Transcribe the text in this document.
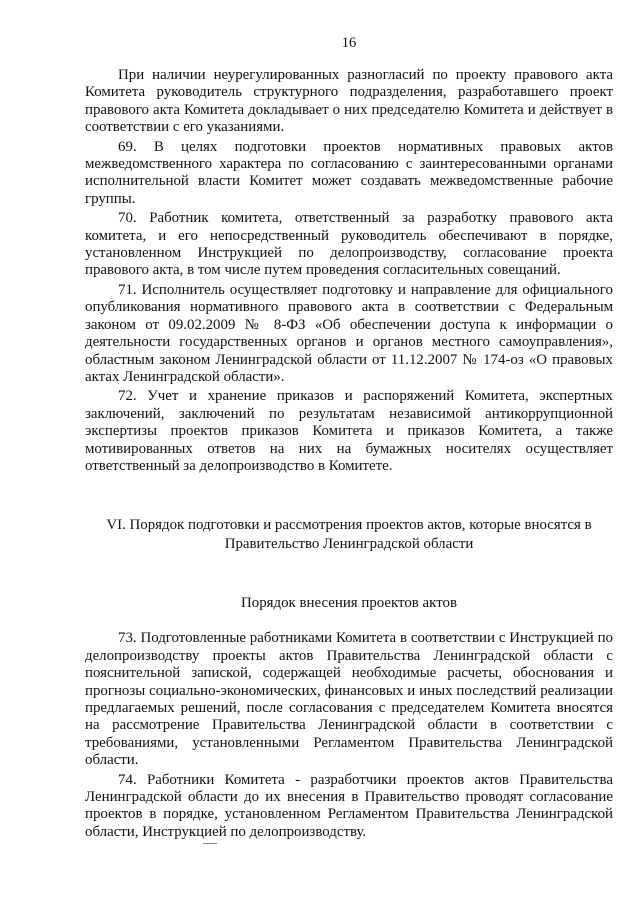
16

При наличии неурегулированных разногласий по проекту правового акта Комитета руководитель структурного подразделения, разработавшего проект правового акта Комитета докладывает о них председателю Комитета и действует в соответствии с его указаниями.

69. В целях подготовки проектов нормативных правовых актов межведомственного характера по согласованию с заинтересованными органами исполнительной власти Комитет может создавать межведомственные рабочие группы.

70. Работник комитета, ответственный за разработку правового акта комитета, и его непосредственный руководитель обеспечивают в порядке, установленном Инструкцией по делопроизводству, согласование проекта правового акта, в том числе путем проведения согласительных совещаний.

71. Исполнитель осуществляет подготовку и направление для официального опубликования нормативного правового акта в соответствии с Федеральным законом от 09.02.2009 № 8-ФЗ «Об обеспечении доступа к информации о деятельности государственных органов и органов местного самоуправления», областным законом Ленинградской области от 11.12.2007 № 174-оз «О правовых актах Ленинградской области».

72. Учет и хранение приказов и распоряжений Комитета, экспертных заключений, заключений по результатам независимой антикоррупционной экспертизы проектов приказов Комитета и приказов Комитета, а также мотивированных ответов на них на бумажных носителях осуществляет ответственный за делопроизводство в Комитете.

VI. Порядок подготовки и рассмотрения проектов актов, которые вносятся в
Правительство Ленинградской области
Порядок внесения проектов актов

73. Подготовленные работниками Комитета в соответствии с Инструкцией по делопроизводству проекты актов Правительства Ленинградской области с пояснительной запиской, содержащей необходимые расчеты, обоснования и прогнозы социально-экономических, финансовых и иных последствий реализации предлагаемых решений, после согласования с председателем Комитета вносятся на рассмотрение Правительства Ленинградской области в соответствии с требованиями, установленными Регламентом Правительства Ленинградской области.

74. Работники Комитета - разработчики проектов актов Правительства Ленинградской области до их внесения в Правительство проводят согласование проектов в порядке, установленном Регламентом Правительства Ленинградской области, Инструкцией по делопроизводству.
